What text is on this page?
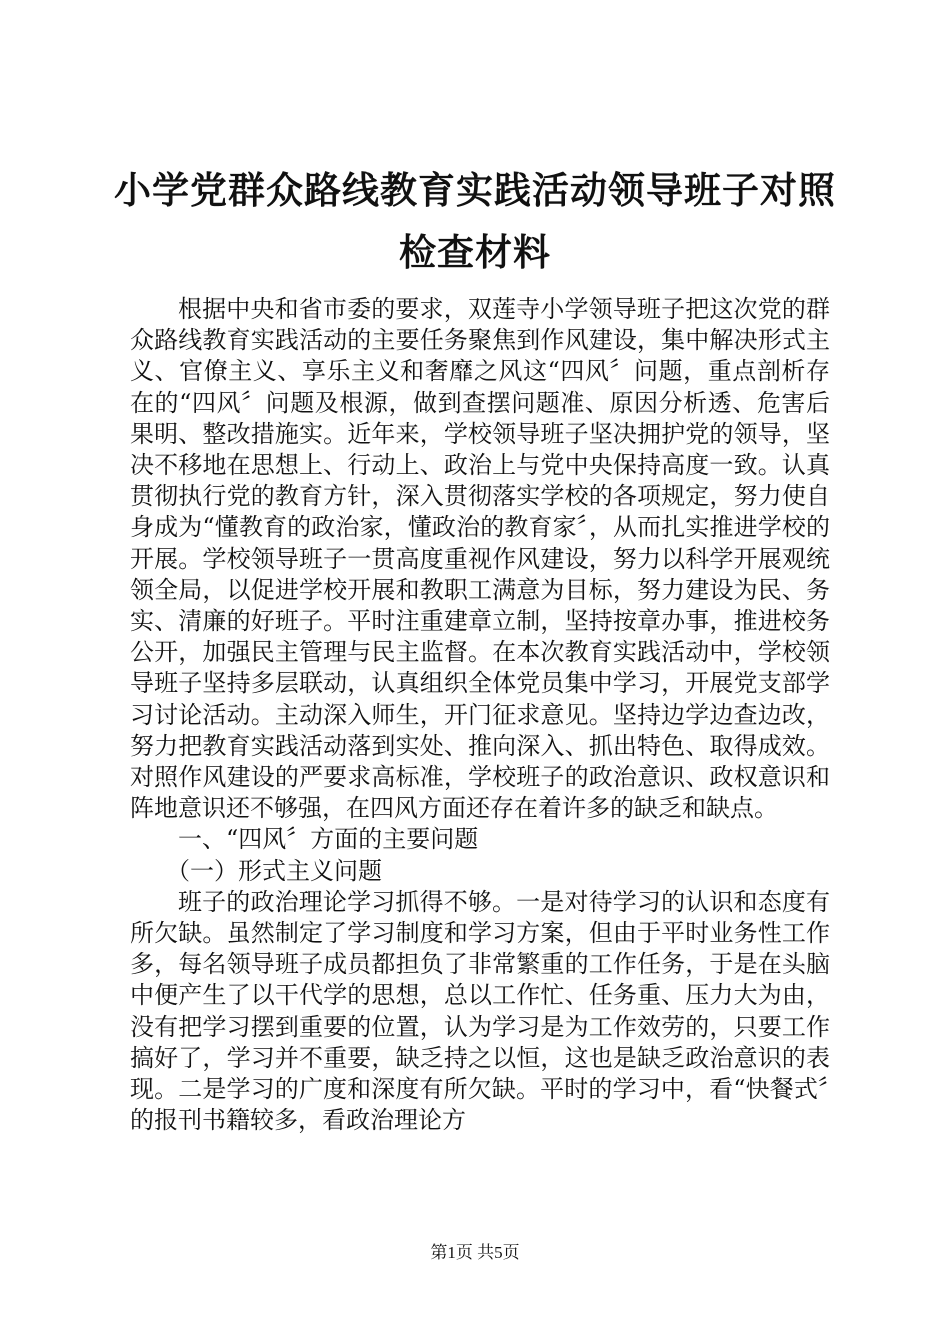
小学党群众路线教育实践活动领导班子对照检查材料

根据中央和省市委的要求，双莲寺小学领导班子把这次党的群众路线教育实践活动的主要任务聚焦到作风建设，集中解决形式主义、官僚主义、享乐主义和奢靡之风这“四风〞问题，重点剖析存在的“四风〞问题及根源，做到查摆问题准、原因分析透、危害后果明、整改措施实。近年来，学校领导班子坚决拥护党的领导，坚决不移地在思想上、行动上、政治上与党中央保持高度一致。认真贯彻执行党的教育方针，深入贯彻落实学校的各项规定，努力使自身成为“懂教育的政治家，懂政治的教育家〞，从而扎实推进学校的开展。学校领导班子一贯高度重视作风建设，努力以科学开展观统领全局，以促进学校开展和教职工满意为目标，努力建设为民、务实、清廉的好班子。平时注重建章立制，坚持按章办事，推进校务公开，加强民主管理与民主监督。在本次教育实践活动中，学校领导班子坚持多层联动，认真组织全体党员集中学习，开展党支部学习讨论活动。主动深入师生，开门征求意见。坚持边学边查边改，努力把教育实践活动落到实处、推向深入、抓出特色、取得成效。对照作风建设的严要求高标准，学校班子的政治意识、政权意识和阵地意识还不够强，在四风方面还存在着许多的缺乏和缺点。

一、“四风〞方面的主要问题

（一）形式主义问题

班子的政治理论学习抓得不够。一是对待学习的认识和态度有所欠缺。虽然制定了学习制度和学习方案，但由于平时业务性工作多，每名领导班子成员都担负了非常繁重的工作任务，于是在头脑中便产生了以干代学的思想，总以工作忙、任务重、压力大为由，没有把学习摆到重要的位置，认为学习是为工作效劳的，只要工作搞好了，学习并不重要，缺乏持之以恒，这也是缺乏政治意识的表现。二是学习的广度和深度有所欠缺。平时的学习中，看“快餐式〞的报刊书籍较多，看政治理论方

第1页 共5页
